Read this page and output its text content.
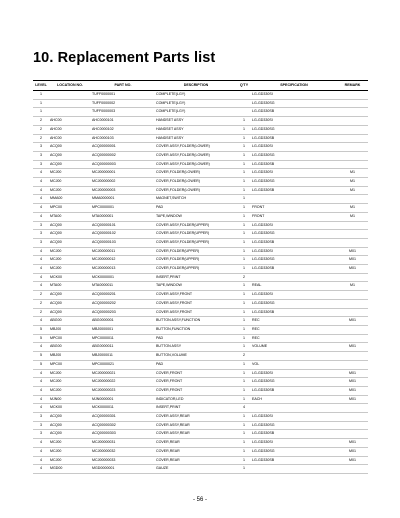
10. Replacement Parts list
LEVEL	LOCATION NO.	PART NO.	DESCRIPTION	Q'TY	SPECIFICATION	REMARK
1		TUFF0000001	COMPLETE(LGY)		LG-GD330SI	
1		TUFF0000002	COMPLETE(LGY)		LG-GD330SG	
1		TUFF0000003	COMPLETE(LGY)		LG-GD330SB	
2	AHC00	AHC0000101	HANDSET ASSY	1	LG-GD330SI	
2	AHC00	AHC0000102	HANDSET ASSY	1	LG-GD330SG	
2	AHC00	AHC0000103	HANDSET ASSY	1	LG-GD330SB	
3	ACQ00	ACQ00000001	COVER ASSY,FOLDER(LOWER)	1	LG-GD330SI	
3	ACQ00	ACQ00000002	COVER ASSY,FOLDER(LOWER)	1	LG-GD330SG	
3	ACQ00	ACQ00000003	COVER ASSY,FOLDER(LOWER)	1	LG-GD330SB	
4	MCJ00	MCJ00000001	COVER,FOLDER(LOWER)	1	LG-GD330SI	M1
4	MCJ00	MCJ00000002	COVER,FOLDER(LOWER)	1	LG-GD330SG	M1
4	MCJ00	MCJ00000003	COVER,FOLDER(LOWER)	1	LG-GD330SB	M1
4	MMA00	MMA0000001	MAGNET,SWITCH	1		
4	MPC00	MPC0000001	PAD	1	FRONT	M1
4	MTA00	MTA0000001	TAPE,WINDOW	1	FRONT	M1
3	ACQ00	ACQ00000101	COVER ASSY,FOLDER(UPPER)	1	LG-GD330SI	
3	ACQ00	ACQ00000102	COVER ASSY,FOLDER(UPPER)	1	LG-GD330SG	
3	ACQ00	ACQ00000103	COVER ASSY,FOLDER(UPPER)	1	LG-GD330SB	
4	MCJ00	MCJ00000011	COVER,FOLDER(UPPER)	1	LG-GD330SI	M01
4	MCJ00	MCJ00000012	COVER,FOLDER(UPPER)	1	LG-GD330SG	M01
4	MCJ00	MCJ00000013	COVER,FOLDER(UPPER)	1	LG-GD330SB	M01
4	MCK00	MCK0000001	INSERT,PRINT	2		
4	MTA00	MTA0000011	TAPE,WINDOW	1	REAL	M1
2	ACQ00	ACQ00000201	COVER ASSY,FRONT	1	LG-GD330SI	
2	ACQ00	ACQ00000202	COVER ASSY,FRONT	1	LG-GD330SG	
2	ACQ00	ACQ00000203	COVER ASSY,FRONT	1	LG-GD330SB	
4	ABG00	ABG0000001	BUTTON ASSY,FUNCTION	1	REC	M01
5	MBJ00	MBJ0000001	BUTTON,FUNCTION	1	REC	
5	MPC00	MPC0000011	PAD	1	REC	
4	ABG00	ABG0000011	BUTTON ASSY	1	VOLUME	M01
5	MBJ00	MBJ0000011	BUTTON,VOLUME	2		
5	MPC00	MPC0000021	PAD	1	VOL	
4	MCJ00	MCJ00000021	COVER,FRONT	1	LG-GD330SI	M01
4	MCJ00	MCJ00000022	COVER,FRONT	1	LG-GD330SG	M01
4	MCJ00	MCJ00000023	COVER,FRONT	1	LG-GD330SB	M01
4	MJN00	MJN0000001	INDICATOR,LED	1	EACH	M01
4	MCK00	MCK0000011	INSERT,PRINT	4		
3	ACQ00	ACQ00000301	COVER ASSY,REAR	1	LG-GD330SI	
3	ACQ00	ACQ00000302	COVER ASSY,REAR	1	LG-GD330SG	
3	ACQ00	ACQ00000303	COVER ASSY,REAR	1	LG-GD330SB	
4	MCJ00	MCJ00000031	COVER,REAR	1	LG-GD330SI	M01
4	MCJ00	MCJ00000032	COVER,REAR	1	LG-GD330SG	M01
4	MCJ00	MCJ00000033	COVER,REAR	1	LG-GD330SB	M01
4	MGD00	MGD0000001	GAUZE	1		
- 56 -
